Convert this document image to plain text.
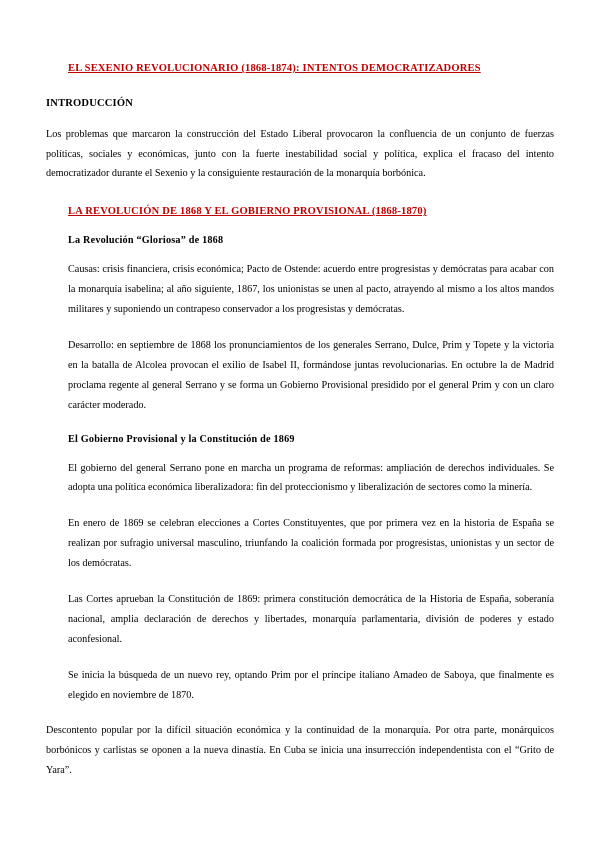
EL SEXENIO REVOLUCIONARIO (1868-1874): INTENTOS DEMOCRATIZADORES
INTRODUCCIÓN

Los problemas que marcaron la construcción del Estado Liberal provocaron la confluencia de un conjunto de fuerzas políticas, sociales y económicas, junto con la fuerte inestabilidad social y política, explica el fracaso del intento democratizador durante el Sexenio y la consiguiente restauración de la monarquía borbónica.

LA REVOLUCIÓN DE 1868 Y EL GOBIERNO PROVISIONAL (1868-1870)
La Revolución “Gloriosa” de 1868

Causas: crisis financiera, crisis económica; Pacto de Ostende: acuerdo entre progresistas y demócratas para acabar con la monarquía isabelina; al año siguiente, 1867, los unionistas se unen al pacto, atrayendo al mismo a los altos mandos militares y suponiendo un contrapeso conservador a los progresistas y demócratas.

Desarrollo: en septiembre de 1868 los pronunciamientos de los generales Serrano, Dulce, Prim y Topete y la victoria en la batalla de Alcolea provocan el exilio de Isabel II, formándose juntas revolucionarias. En octubre la de Madrid proclama regente al general Serrano y se forma un Gobierno Provisional presidido por el general Prim y con un claro carácter moderado.

El Gobierno Provisional y la Constitución de 1869

El gobierno del general Serrano pone en marcha un programa de reformas: ampliación de derechos individuales. Se adopta una política económica liberalizadora: fin del proteccionismo y liberalización de sectores como la minería.

En enero de 1869 se celebran elecciones a Cortes Constituyentes, que por primera vez en la historia de España se realizan por sufragio universal masculino, triunfando la coalición formada por progresistas, unionistas y un sector de los demócratas.

Las Cortes aprueban la Constitución de 1869: primera constitución democrática de la Historia de España, soberanía nacional, amplia declaración de derechos y libertades, monarquía parlamentaria, división de poderes y estado aconfesional.

Se inicia la búsqueda de un nuevo rey, optando Prim por el príncipe italiano Amadeo de Saboya, que finalmente es elegido en noviembre de 1870.

Descontento popular por la difícil situación económica y la continuidad de la monarquía. Por otra parte, monárquicos borbónicos y carlistas se oponen a la nueva dinastía. En Cuba se inicia una insurrección independentista con el “Grito de Yara”.
